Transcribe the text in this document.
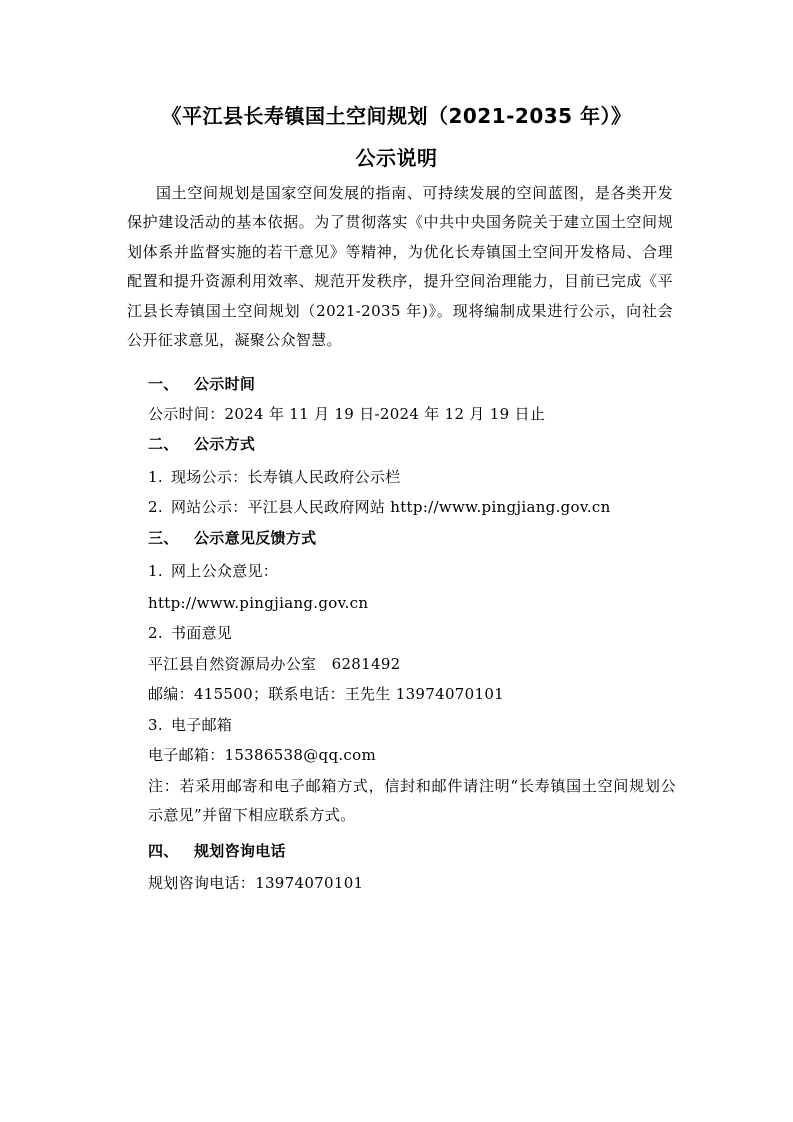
《平江县长寿镇国土空间规划（2021-2035 年）》
公示说明
国土空间规划是国家空间发展的指南、可持续发展的空间蓝图，是各类开发保护建设活动的基本依据。为了贯彻落实《中共中央国务院关于建立国土空间规划体系并监督实施的若干意见》等精神，为优化长寿镇国土空间开发格局、合理配置和提升资源利用效率、规范开发秩序，提升空间治理能力，目前已完成《平江县长寿镇国土空间规划（2021-2035 年)》。现将编制成果进行公示，向社会公开征求意见，凝聚公众智慧。
一、 公示时间
公示时间：2024 年 11 月 19 日-2024 年 12 月 19 日止
二、 公示方式
1. 现场公示：长寿镇人民政府公示栏
2. 网站公示：平江县人民政府网站 http://www.pingjiang.gov.cn
三、 公示意见反馈方式
1. 网上公众意见：
http://www.pingjiang.gov.cn
2. 书面意见
平江县自然资源局办公室　6281492
邮编：415500；联系电话：王先生 13974070101
3. 电子邮箱
电子邮箱：15386538@qq.com
注：若采用邮寄和电子邮箱方式，信封和邮件请注明“长寿镇国土空间规划公示意见”并留下相应联系方式。
四、 规划咨询电话
规划咨询电话：13974070101
